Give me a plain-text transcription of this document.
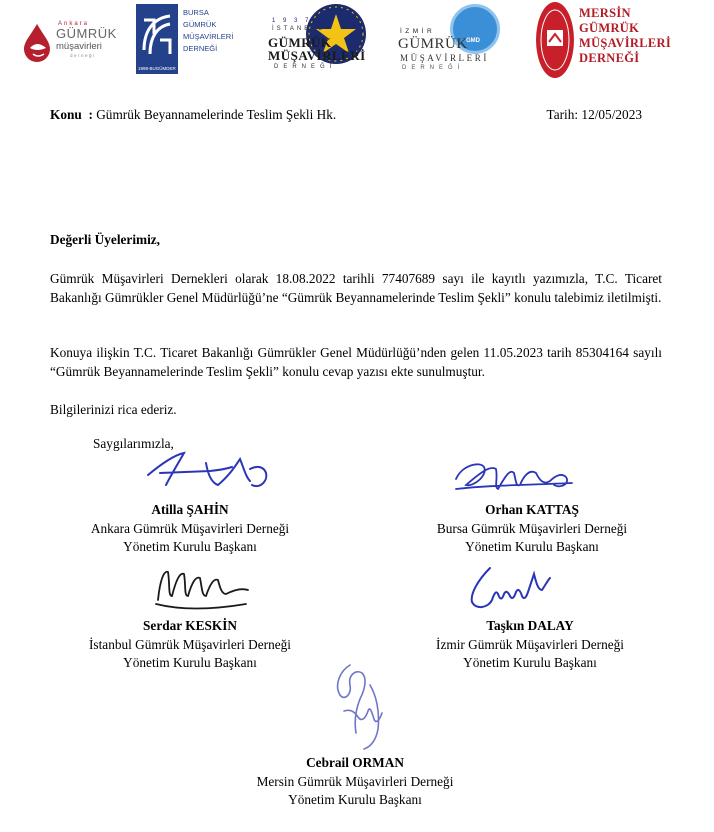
Ankara
GÜMRÜK
müşavirleri
derneği
1998-BUGÜMDER
BURSA
GÜMRÜK
MÜŞAVİRLERİ
DERNEĞİ
1 9 3 7
İSTANBUL
GÜMRÜK
MÜŞAVİRLERİ
DERNEĞİ
GMD
İZMİR
GÜMRÜK
MÜŞAVİRLERİ
DERNEĞİ
MERSİN
GÜMRÜK
MÜŞAVİRLERİ
DERNEĞİ
Konu  : Gümrük Beyannamelerinde Teslim Şekli Hk.	Tarih: 12/05/2023
Değerli Üyelerimiz,
Gümrük Müşavirleri Dernekleri olarak 18.08.2022 tarihli 77407689 sayı ile kayıtlı yazımızla, T.C. Ticaret Bakanlığı Gümrükler Genel Müdürlüğü’ne “Gümrük Beyannamelerinde Teslim Şekli” konulu talebimiz iletilmişti.
Konuya ilişkin T.C. Ticaret Bakanlığı Gümrükler Genel Müdürlüğü’nden gelen 11.05.2023 tarih 85304164 sayılı “Gümrük Beyannamelerinde Teslim Şekli” konulu cevap yazısı ekte sunulmuştur.
Bilgilerinizi rica ederiz.
Saygılarımızla,
Atilla ŞAHİN
Ankara Gümrük Müşavirleri Derneği
Yönetim Kurulu Başkanı
Orhan KATTAŞ
Bursa Gümrük Müşavirleri Derneği
Yönetim Kurulu Başkanı
Serdar KESKİN
İstanbul Gümrük Müşavirleri Derneği
Yönetim Kurulu Başkanı
Taşkın DALAY
İzmir Gümrük Müşavirleri Derneği
Yönetim Kurulu Başkanı
Cebrail ORMAN
Mersin Gümrük Müşavirleri Derneği
Yönetim Kurulu Başkanı
